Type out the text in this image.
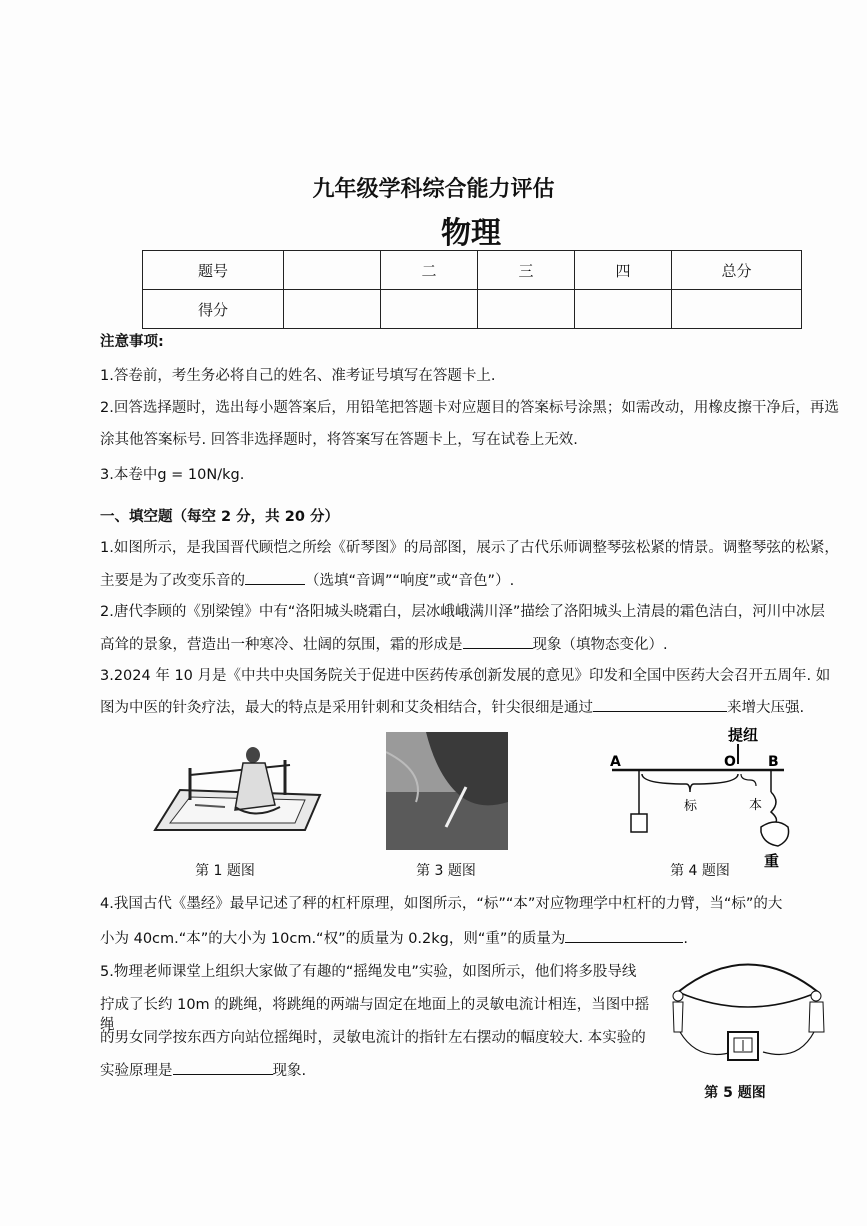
九年级学科综合能力评估
物理
题号		二	三	四	总分
得分					
注意事项:
1.答卷前，考生务必将自己的姓名、准考证号填写在答题卡上.
2.回答选择题时，选出每小题答案后，用铅笔把答题卡对应题目的答案标号涂黑；如需改动，用橡皮擦干净后，再选
涂其他答案标号. 回答非选择题时，将答案写在答题卡上，写在试卷上无效.
3.本卷中g = 10N/kg.
一、填空题（每空 2 分，共 20 分）
1.如图所示，是我国晋代顾恺之所绘《斫琴图》的局部图，展示了古代乐师调整琴弦松紧的情景。调整琴弦的松紧，
主要是为了改变乐音的	（选填“音调”“响度”或“音色”）.
2.唐代李顾的《别梁锽》中有“洛阳城头晓霜白，层冰峨峨满川泽”描绘了洛阳城头上清晨的霜色洁白，河川中冰层
高耸的景象，营造出一种寒冷、壮阔的氛围，霜的形成是	现象（填物态变化）.
3.2024 年 10 月是《中共中央国务院关于促进中医药传承创新发展的意见》印发和全国中医药大会召开五周年. 如
图为中医的针灸疗法，最大的特点是采用针刺和艾灸相结合，针尖很细是通过	来增大压强.
第 1 题图	第 3 题图
提纽
A	O B
标	本
重
第 4 题图
4.我国古代《墨经》最早记述了秤的杠杆原理，如图所示，“标”“本”对应物理学中杠杆的力臂，当“标”的大
小为 40cm.“本”的大小为 10cm.“权”的质量为 0.2kg，则“重”的质量为	.
5.物理老师课堂上组织大家做了有趣的“摇绳发电”实验，如图所示，他们将多股导线
拧成了长约 10m 的跳绳，将跳绳的两端与固定在地面上的灵敏电流计相连，当图中摇绳
的男女同学按东西方向站位摇绳时，灵敏电流计的指针左右摆动的幅度较大. 本实验的
实验原理是	现象.
第 5 题图
